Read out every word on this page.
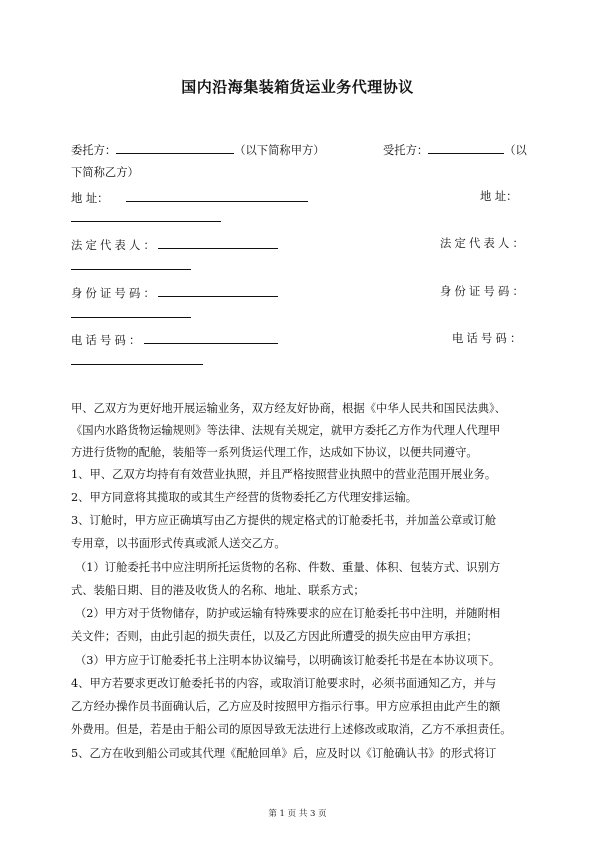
国内沿海集装箱货运业务代理协议
委托方：	（以下简称甲方）	受托方：	（以
下简称乙方）
地 址：	地 址：
法定代表人：	法定代表人：
身份证号码：	身份证号码：
电话号码：	电话号码：
甲、乙双方为更好地开展运输业务，双方经友好协商，根据《中华人民共和国民法典》、
《国内水路货物运输规则》等法律、法规有关规定，就甲方委托乙方作为代理人代理甲
方进行货物的配舱，装船等一系列货运代理工作，达成如下协议，以便共同遵守。
1、甲、乙双方均持有有效营业执照，并且严格按照营业执照中的营业范围开展业务。
2、甲方同意将其揽取的或其生产经营的货物委托乙方代理安排运输。
3、订舱时，甲方应正确填写由乙方提供的规定格式的订舱委托书，并加盖公章或订舱
专用章，以书面形式传真或派人送交乙方。
（1）订舱委托书中应注明所托运货物的名称、件数、重量、体积、包装方式、识别方
式、装船日期、目的港及收货人的名称、地址、联系方式；
（2）甲方对于货物储存，防护或运输有特殊要求的应在订舱委托书中注明，并随附相
关文件；否则，由此引起的损失责任，以及乙方因此所遭受的损失应由甲方承担；
（3）甲方应于订舱委托书上注明本协议编号，以明确该订舱委托书是在本协议项下。
4、甲方若要求更改订舱委托书的内容，或取消订舱要求时，必须书面通知乙方，并与
乙方经办操作员书面确认后，乙方应及时按照甲方指示行事。甲方应承担由此产生的额
外费用。但是，若是由于船公司的原因导致无法进行上述修改或取消，乙方不承担责任。
5、乙方在收到船公司或其代理《配舱回单》后，应及时以《订舱确认书》的形式将订
第 1 页 共 3 页
